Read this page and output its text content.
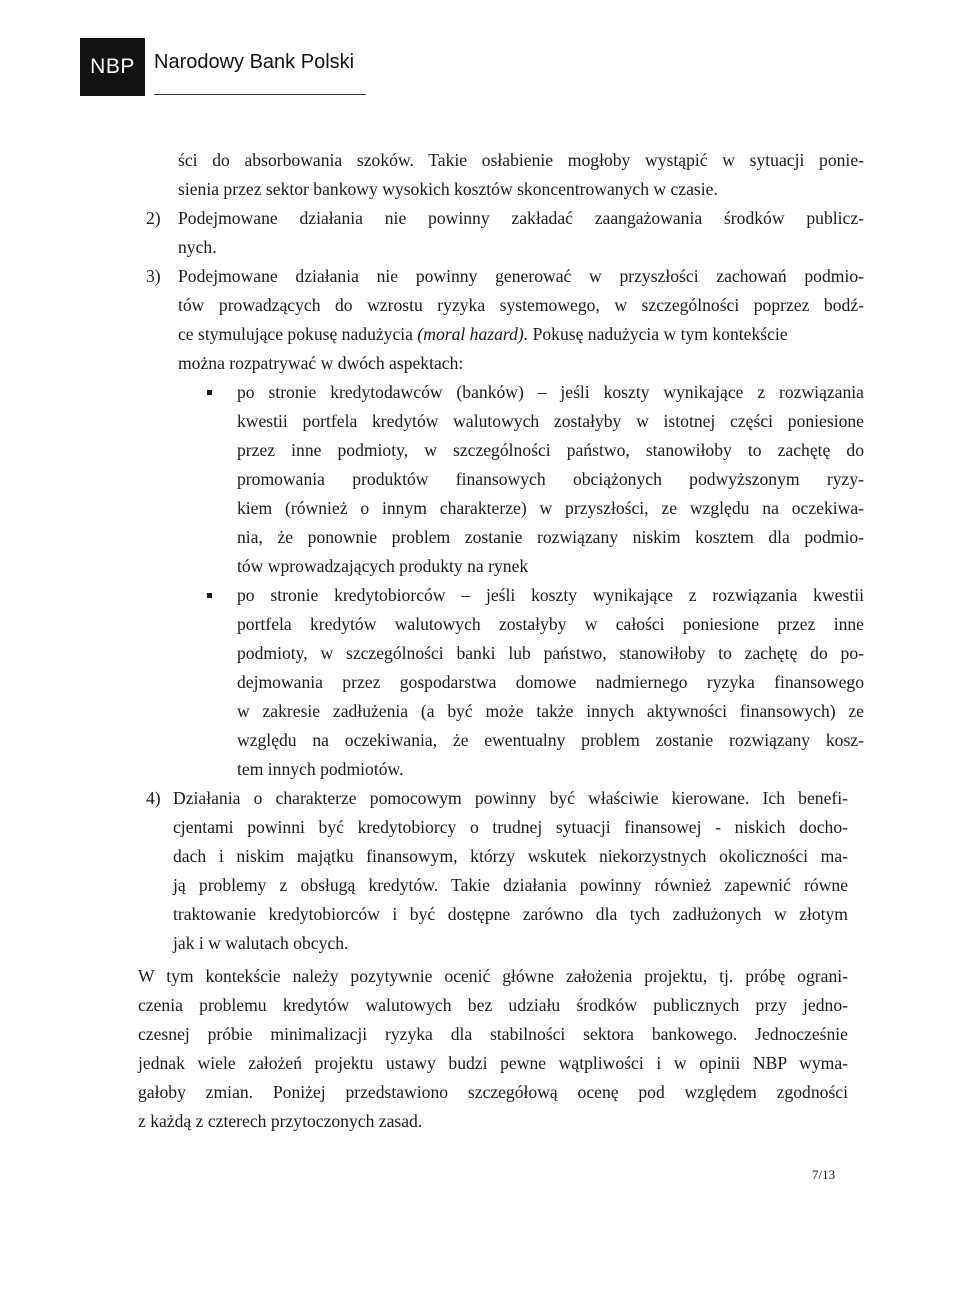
NBP Narodowy Bank Polski
ści do absorbowania szoków. Takie osłabienie mogłoby wystąpić w sytuacji ponie-
sienia przez sektor bankowy wysokich kosztów skoncentrowanych w czasie.
2) Podejmowane działania nie powinny zakładać zaangażowania środków publicz-
nych.
3) Podejmowane działania nie powinny generować w przyszłości zachowań podmio-
tów prowadzących do wzrostu ryzyka systemowego, w szczególności poprzez bodź-
ce stymulujące pokusę nadużycia (moral hazard). Pokusę nadużycia w tym kontekście
można rozpatrywać w dwóch aspektach:
po stronie kredytodawców (banków) – jeśli koszty wynikające z rozwiązania
kwestii portfela kredytów walutowych zostałyby w istotnej części poniesione
przez inne podmioty, w szczególności państwo, stanowiłoby to zachętę do
promowania produktów finansowych obciążonych podwyższonym ryzy-
kiem (również o innym charakterze) w przyszłości, ze względu na oczekiwa-
nia, że ponownie problem zostanie rozwiązany niskim kosztem dla podmio-
tów wprowadzających produkty na rynek
po stronie kredytobiorców – jeśli koszty wynikające z rozwiązania kwestii
portfela kredytów walutowych zostałyby w całości poniesione przez inne
podmioty, w szczególności banki lub państwo, stanowiłoby to zachętę do po-
dejmowania przez gospodarstwa domowe nadmiernego ryzyka finansowego
w zakresie zadłużenia (a być może także innych aktywności finansowych) ze
względu na oczekiwania, że ewentualny problem zostanie rozwiązany kosz-
tem innych podmiotów.
4) Działania o charakterze pomocowym powinny być właściwie kierowane. Ich benefi-
cjentami powinni być kredytobiorcy o trudnej sytuacji finansowej - niskich docho-
dach i niskim majątku finansowym, którzy wskutek niekorzystnych okoliczności ma-
ją problemy z obsługą kredytów. Takie działania powinny również zapewnić równe
traktowanie kredytobiorców i być dostępne zarówno dla tych zadłużonych w złotym
jak i w walutach obcych.
W tym kontekście należy pozytywnie ocenić główne założenia projektu, tj. próbę ograni-
czenia problemu kredytów walutowych bez udziału środków publicznych przy jedno-
czesnej próbie minimalizacji ryzyka dla stabilności sektora bankowego. Jednocześnie
jednak wiele założeń projektu ustawy budzi pewne wątpliwości i w opinii NBP wyma-
gałoby zmian. Poniżej przedstawiono szczegółową ocenę pod względem zgodności
z każdą z czterech przytoczonych zasad.
7/13
